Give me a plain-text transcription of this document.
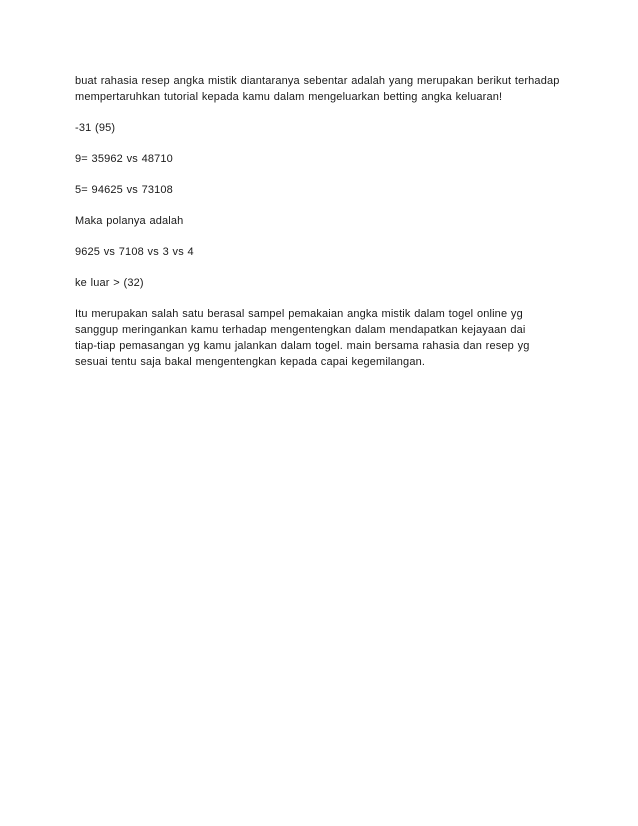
buat rahasia resep angka mistik diantaranya sebentar adalah yang merupakan berikut terhadap
mempertaruhkan tutorial kepada kamu dalam mengeluarkan betting angka keluaran!

-31 (95)

9= 35962 vs 48710

5= 94625 vs 73108

Maka polanya adalah

9625 vs 7108 vs 3 vs 4

ke luar > (32)

Itu merupakan salah satu berasal sampel pemakaian angka mistik dalam togel online yg
sanggup meringankan kamu terhadap mengentengkan dalam mendapatkan kejayaan dai
tiap-tiap pemasangan yg kamu jalankan dalam togel. main bersama rahasia dan resep yg
sesuai tentu saja bakal mengentengkan kepada capai kegemilangan.
